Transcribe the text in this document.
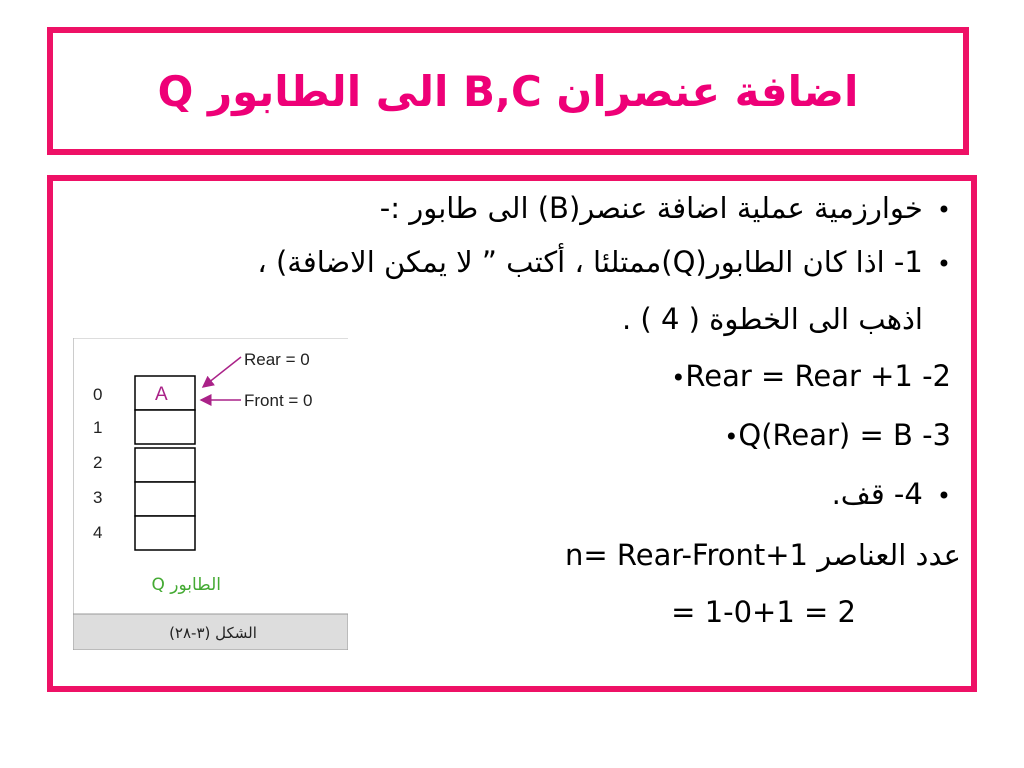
اضافة عنصران B,C الى الطابور Q
•خوارزمية عملية اضافة عنصر(B) الى طابور :-
•1- اذا كان الطابور(Q)ممتلئا ، أكتب ” لا يمكن الاضافة) ،
اذهب الى الخطوة ( 4 ) .
•Rear = Rear +1 -2
•Q(Rear) = B -3
•4- قف.
عدد العناصر n= Rear-Front+1
= 1-0+1 = 2
A
0
1
2
3
4
Rear = 0
Front = 0
الطابور Q
الشكل (٣-٢٨)
